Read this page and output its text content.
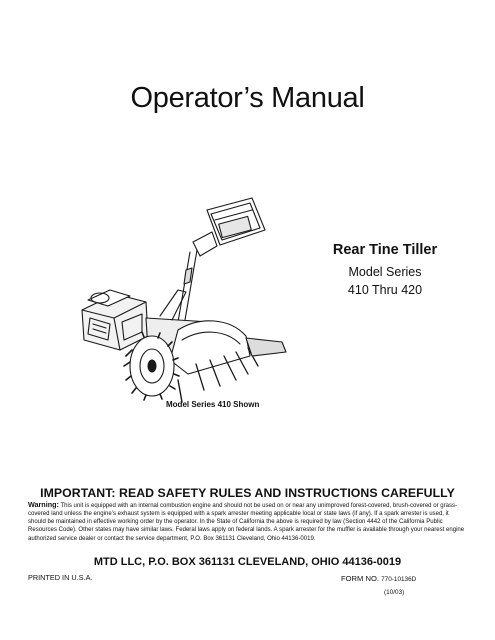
Operator’s Manual
Rear Tine Tiller
Model Series
410 Thru 420
Model Series 410 Shown
IMPORTANT: READ SAFETY RULES AND INSTRUCTIONS CAREFULLY
Warning: This unit is equipped with an internal combustion engine and should not be used on or near any unimproved forest-covered, brush-covered or grass-covered land unless the engine’s exhaust system is equipped with a spark arrester meeting applicable local or state laws (if any). If a spark arrester is used, it should be maintained in effective working order by the operator. In the State of California the above is required by law (Section 4442 of the California Public Resources Code). Other states may have similar laws. Federal laws apply on federal lands. A spark arrester for the muffler is available through your nearest engine authorized service dealer or contact the service department, P.O. Box 361131 Cleveland, Ohio 44136-0019.
MTD LLC, P.O. BOX 361131 CLEVELAND, OHIO 44136-0019
PRINTED IN U.S.A.	FORM NO. 770-10136D
(10/03)
